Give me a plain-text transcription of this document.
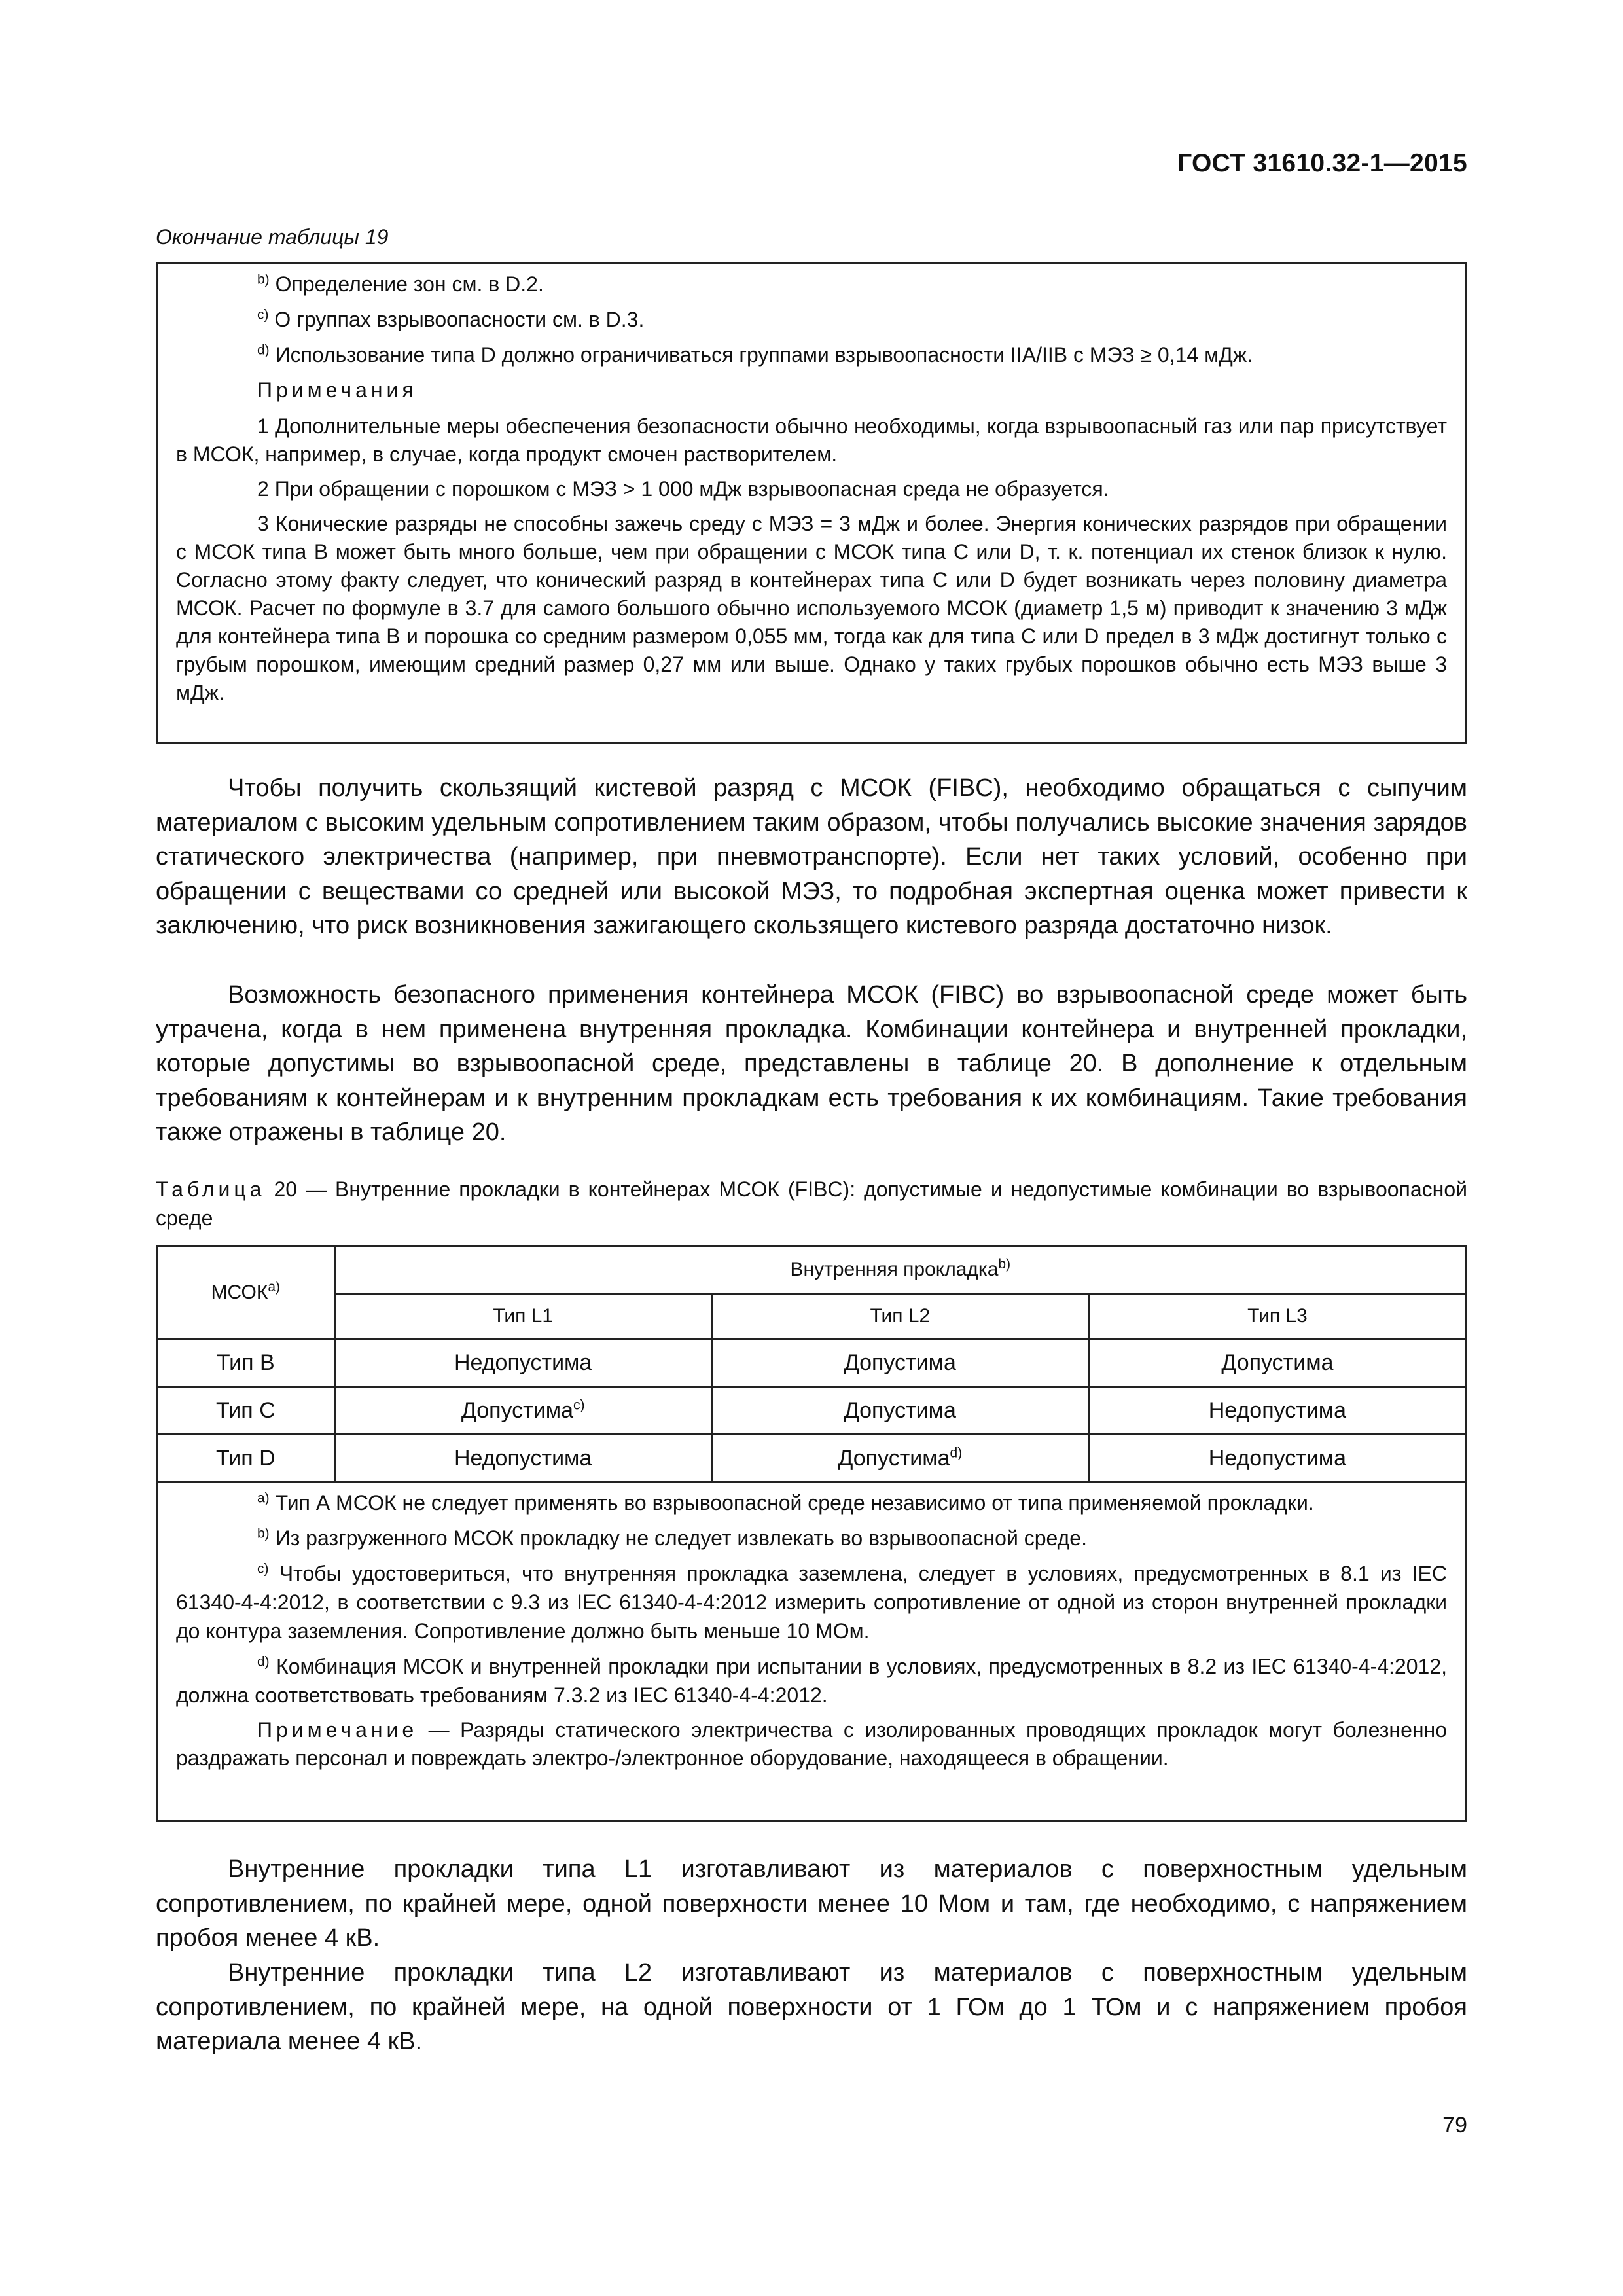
ГОСТ 31610.32-1—2015
Окончание таблицы 19

$^{b)}$ Определение зон см. в D.2.

$^{c)}$ О группах взрывоопасности см. в D.3.

$^{d)}$ Использование типа D должно ограничиваться группами взрывоопасности IIA/IIB с МЭЗ ≥ 0,14 мДж.

Примечания

1 Дополнительные меры обеспечения безопасности обычно необходимы, когда взрывоопасный газ или пар присутствует в МСОК, например, в случае, когда продукт смочен растворителем.

2 При обращении с порошком с МЭЗ > 1 000 мДж взрывоопасная среда не образуется.

3 Конические разряды не способны зажечь среду с МЭЗ = 3 мДж и более. Энергия конических разрядов при обращении с МСОК типа В может быть много больше, чем при обращении с МСОК типа С или D, т. к. потенциал их стенок близок к нулю. Согласно этому факту следует, что конический разряд в контейнерах типа С или D будет возникать через половину диаметра МСОК. Расчет по формуле в 3.7 для самого большого обычно используемого МСОК (диаметр 1,5 м) приводит к значению 3 мДж для контейнера типа В и порошка со средним размером 0,055 мм, тогда как для типа С или D предел в 3 мДж достигнут только с грубым порошком, имеющим средний размер 0,27 мм или выше. Однако у таких грубых порошков обычно есть МЭЗ выше 3 мДж.

Чтобы получить скользящий кистевой разряд с МСОК (FIBC), необходимо обращаться с сыпучим материалом с высоким удельным сопротивлением таким образом, чтобы получались высокие значения зарядов статического электричества (например, при пневмотранспорте). Если нет таких условий, особенно при обращении с веществами со средней или высокой МЭЗ, то подробная экспертная оценка может привести к заключению, что риск возникновения зажигающего скользящего кистевого разряда достаточно низок.

Возможность безопасного применения контейнера МСОК (FIBC) во взрывоопасной среде может быть утрачена, когда в нем применена внутренняя прокладка. Комбинации контейнера и внутренней прокладки, которые допустимы во взрывоопасной среде, представлены в таблице 20. В дополнение к отдельным требованиям к контейнерам и к внутренним прокладкам есть требования к их комбинациям. Такие требования также отражены в таблице 20.

Таблица 20 — Внутренние прокладки в контейнерах МСОК (FIBC): допустимые и недопустимые комбинации во взрывоопасной среде

МСОК$^{a)}$	Внутренняя прокладка$^{b)}$
	Тип L1	Тип L2	Тип L3
Тип B	Недопустима	Допустима	Допустима
Тип C	Допустима$^{c)}$	Допустима	Недопустима
Тип D	Недопустима	Допустима$^{d)}$	Недопустима

$^{a)}$ Тип А МСОК не следует применять во взрывоопасной среде независимо от типа применяемой прокладки.

$^{b)}$ Из разгруженного МСОК прокладку не следует извлекать во взрывоопасной среде.

$^{c)}$ Чтобы удостовериться, что внутренняя прокладка заземлена, следует в условиях, предусмотренных в 8.1 из IEC 61340-4-4:2012, в соответствии с 9.3 из IEC 61340-4-4:2012 измерить сопротивление от одной из сторон внутренней прокладки до контура заземления. Сопротивление должно быть меньше 10 МОм.

$^{d)}$ Комбинация МСОК и внутренней прокладки при испытании в условиях, предусмотренных в 8.2 из IEC 61340-4-4:2012, должна соответствовать требованиям 7.3.2 из IEC 61340-4-4:2012.

Примечание — Разряды статического электричества с изолированных проводящих прокладок могут болезненно раздражать персонал и повреждать электро-/электронное оборудование, находящееся в обращении.

Внутренние прокладки типа L1 изготавливают из материалов с поверхностным удельным сопротивлением, по крайней мере, одной поверхности менее 10 Мом и там, где необходимо, с напряжением пробоя менее 4 кВ.

Внутренние прокладки типа L2 изготавливают из материалов с поверхностным удельным сопротивлением, по крайней мере, на одной поверхности от 1 ГОм до 1 ТОм и с напряжением пробоя материала менее 4 кВ.

79
